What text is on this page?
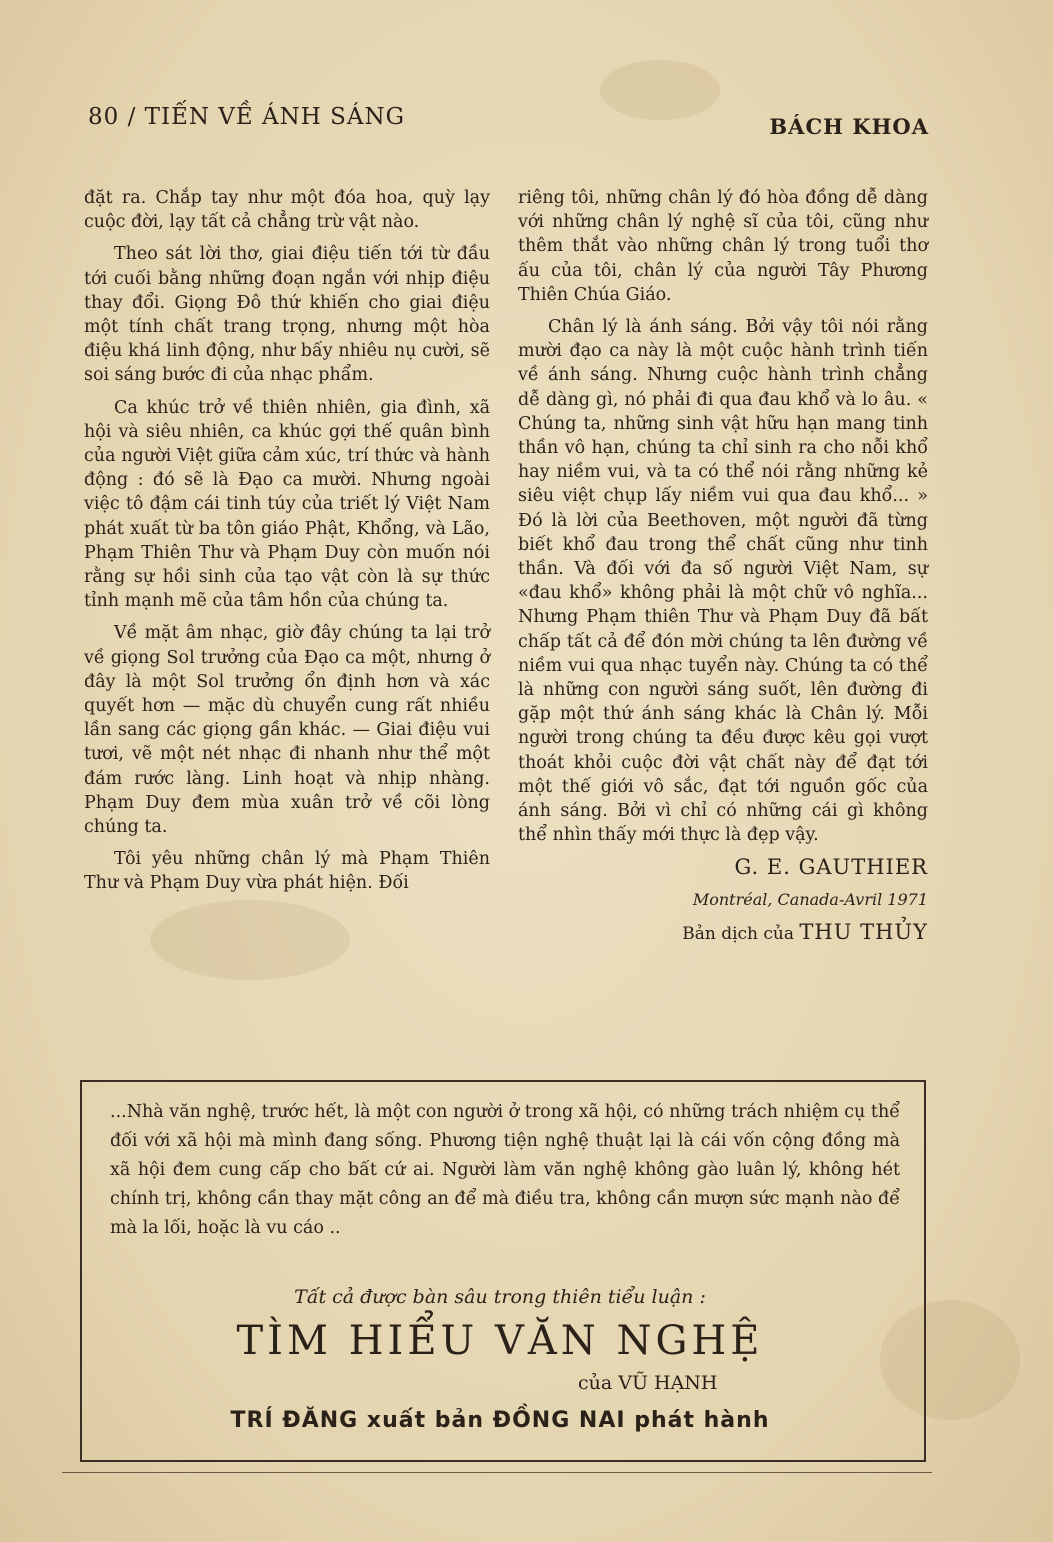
80 / TIẾN VỀ ÁNH SÁNG	BÁCH KHOA

đặt ra. Chắp tay như một đóa hoa, quỳ lạy cuộc đời, lạy tất cả chẳng trừ vật nào.

Theo sát lời thơ, giai điệu tiến tới từ đầu tới cuối bằng những đoạn ngắn với nhịp điệu thay đổi. Giọng Đô thứ khiến cho giai điệu một tính chất trang trọng, nhưng một hòa điệu khá linh động, như bấy nhiêu nụ cười, sẽ soi sáng bước đi của nhạc phẩm.

Ca khúc trở về thiên nhiên, gia đình, xã hội và siêu nhiên, ca khúc gợi thế quân bình của người Việt giữa cảm xúc, trí thức và hành động : đó sẽ là Đạo ca mười. Nhưng ngoài việc tô đậm cái tinh túy của triết lý Việt Nam phát xuất từ ba tôn giáo Phật, Khổng, và Lão, Phạm Thiên Thư và Phạm Duy còn muốn nói rằng sự hồi sinh của tạo vật còn là sự thức tỉnh mạnh mẽ của tâm hồn của chúng ta.

Về mặt âm nhạc, giờ đây chúng ta lại trở về giọng Sol trưởng của Đạo ca một, nhưng ở đây là một Sol trưởng ổn định hơn và xác quyết hơn — mặc dù chuyển cung rất nhiều lần sang các giọng gần khác. — Giai điệu vui tươi, vẽ một nét nhạc đi nhanh như thể một đám rước làng. Linh hoạt và nhịp nhàng. Phạm Duy đem mùa xuân trở về cõi lòng chúng ta.

Tôi yêu những chân lý mà Phạm Thiên Thư và Phạm Duy vừa phát hiện. Đối

riêng tôi, những chân lý đó hòa đồng dễ dàng với những chân lý nghệ sĩ của tôi, cũng như thêm thắt vào những chân lý trong tuổi thơ ấu của tôi, chân lý của người Tây Phương Thiên Chúa Giáo.

Chân lý là ánh sáng. Bởi vậy tôi nói rằng mười đạo ca này là một cuộc hành trình tiến về ánh sáng. Nhưng cuộc hành trình chẳng dễ dàng gì, nó phải đi qua đau khổ và lo âu. « Chúng ta, những sinh vật hữu hạn mang tinh thần vô hạn, chúng ta chỉ sinh ra cho nỗi khổ hay niềm vui, và ta có thể nói rằng những kẻ siêu việt chụp lấy niềm vui qua đau khổ... » Đó là lời của Beethoven, một người đã từng biết khổ đau trong thể chất cũng như tinh thần. Và đối với đa số người Việt Nam, sự «đau khổ» không phải là một chữ vô nghĩa... Nhưng Phạm thiên Thư và Phạm Duy đã bất chấp tất cả để đón mời chúng ta lên đường về niềm vui qua nhạc tuyển này. Chúng ta có thể là những con người sáng suốt, lên đường đi gặp một thứ ánh sáng khác là Chân lý. Mỗi người trong chúng ta đều được kêu gọi vượt thoát khỏi cuộc đời vật chất này để đạt tới một thế giới vô sắc, đạt tới nguồn gốc của ánh sáng. Bởi vì chỉ có những cái gì không thể nhìn thấy mới thực là đẹp vậy.

G. E. GAUTHIER

Montréal, Canada-Avril 1971

Bản dịch của THU THỦY

...Nhà văn nghệ, trước hết, là một con người ở trong xã hội, có những trách nhiệm cụ thể đối với xã hội mà mình đang sống. Phương tiện nghệ thuật lại là cái vốn cộng đồng mà xã hội đem cung cấp cho bất cứ ai. Người làm văn nghệ không gào luân lý, không hét chính trị, không cần thay mặt công an để mà điều tra, không cần mượn sức mạnh nào để mà la lối, hoặc là vu cáo ..
Tất cả được bàn sâu trong thiên tiểu luận :
TÌM HIỂU VĂN NGHỆ
của VŨ HẠNH
TRÍ ĐĂNG xuất bản ĐỒNG NAI phát hành
